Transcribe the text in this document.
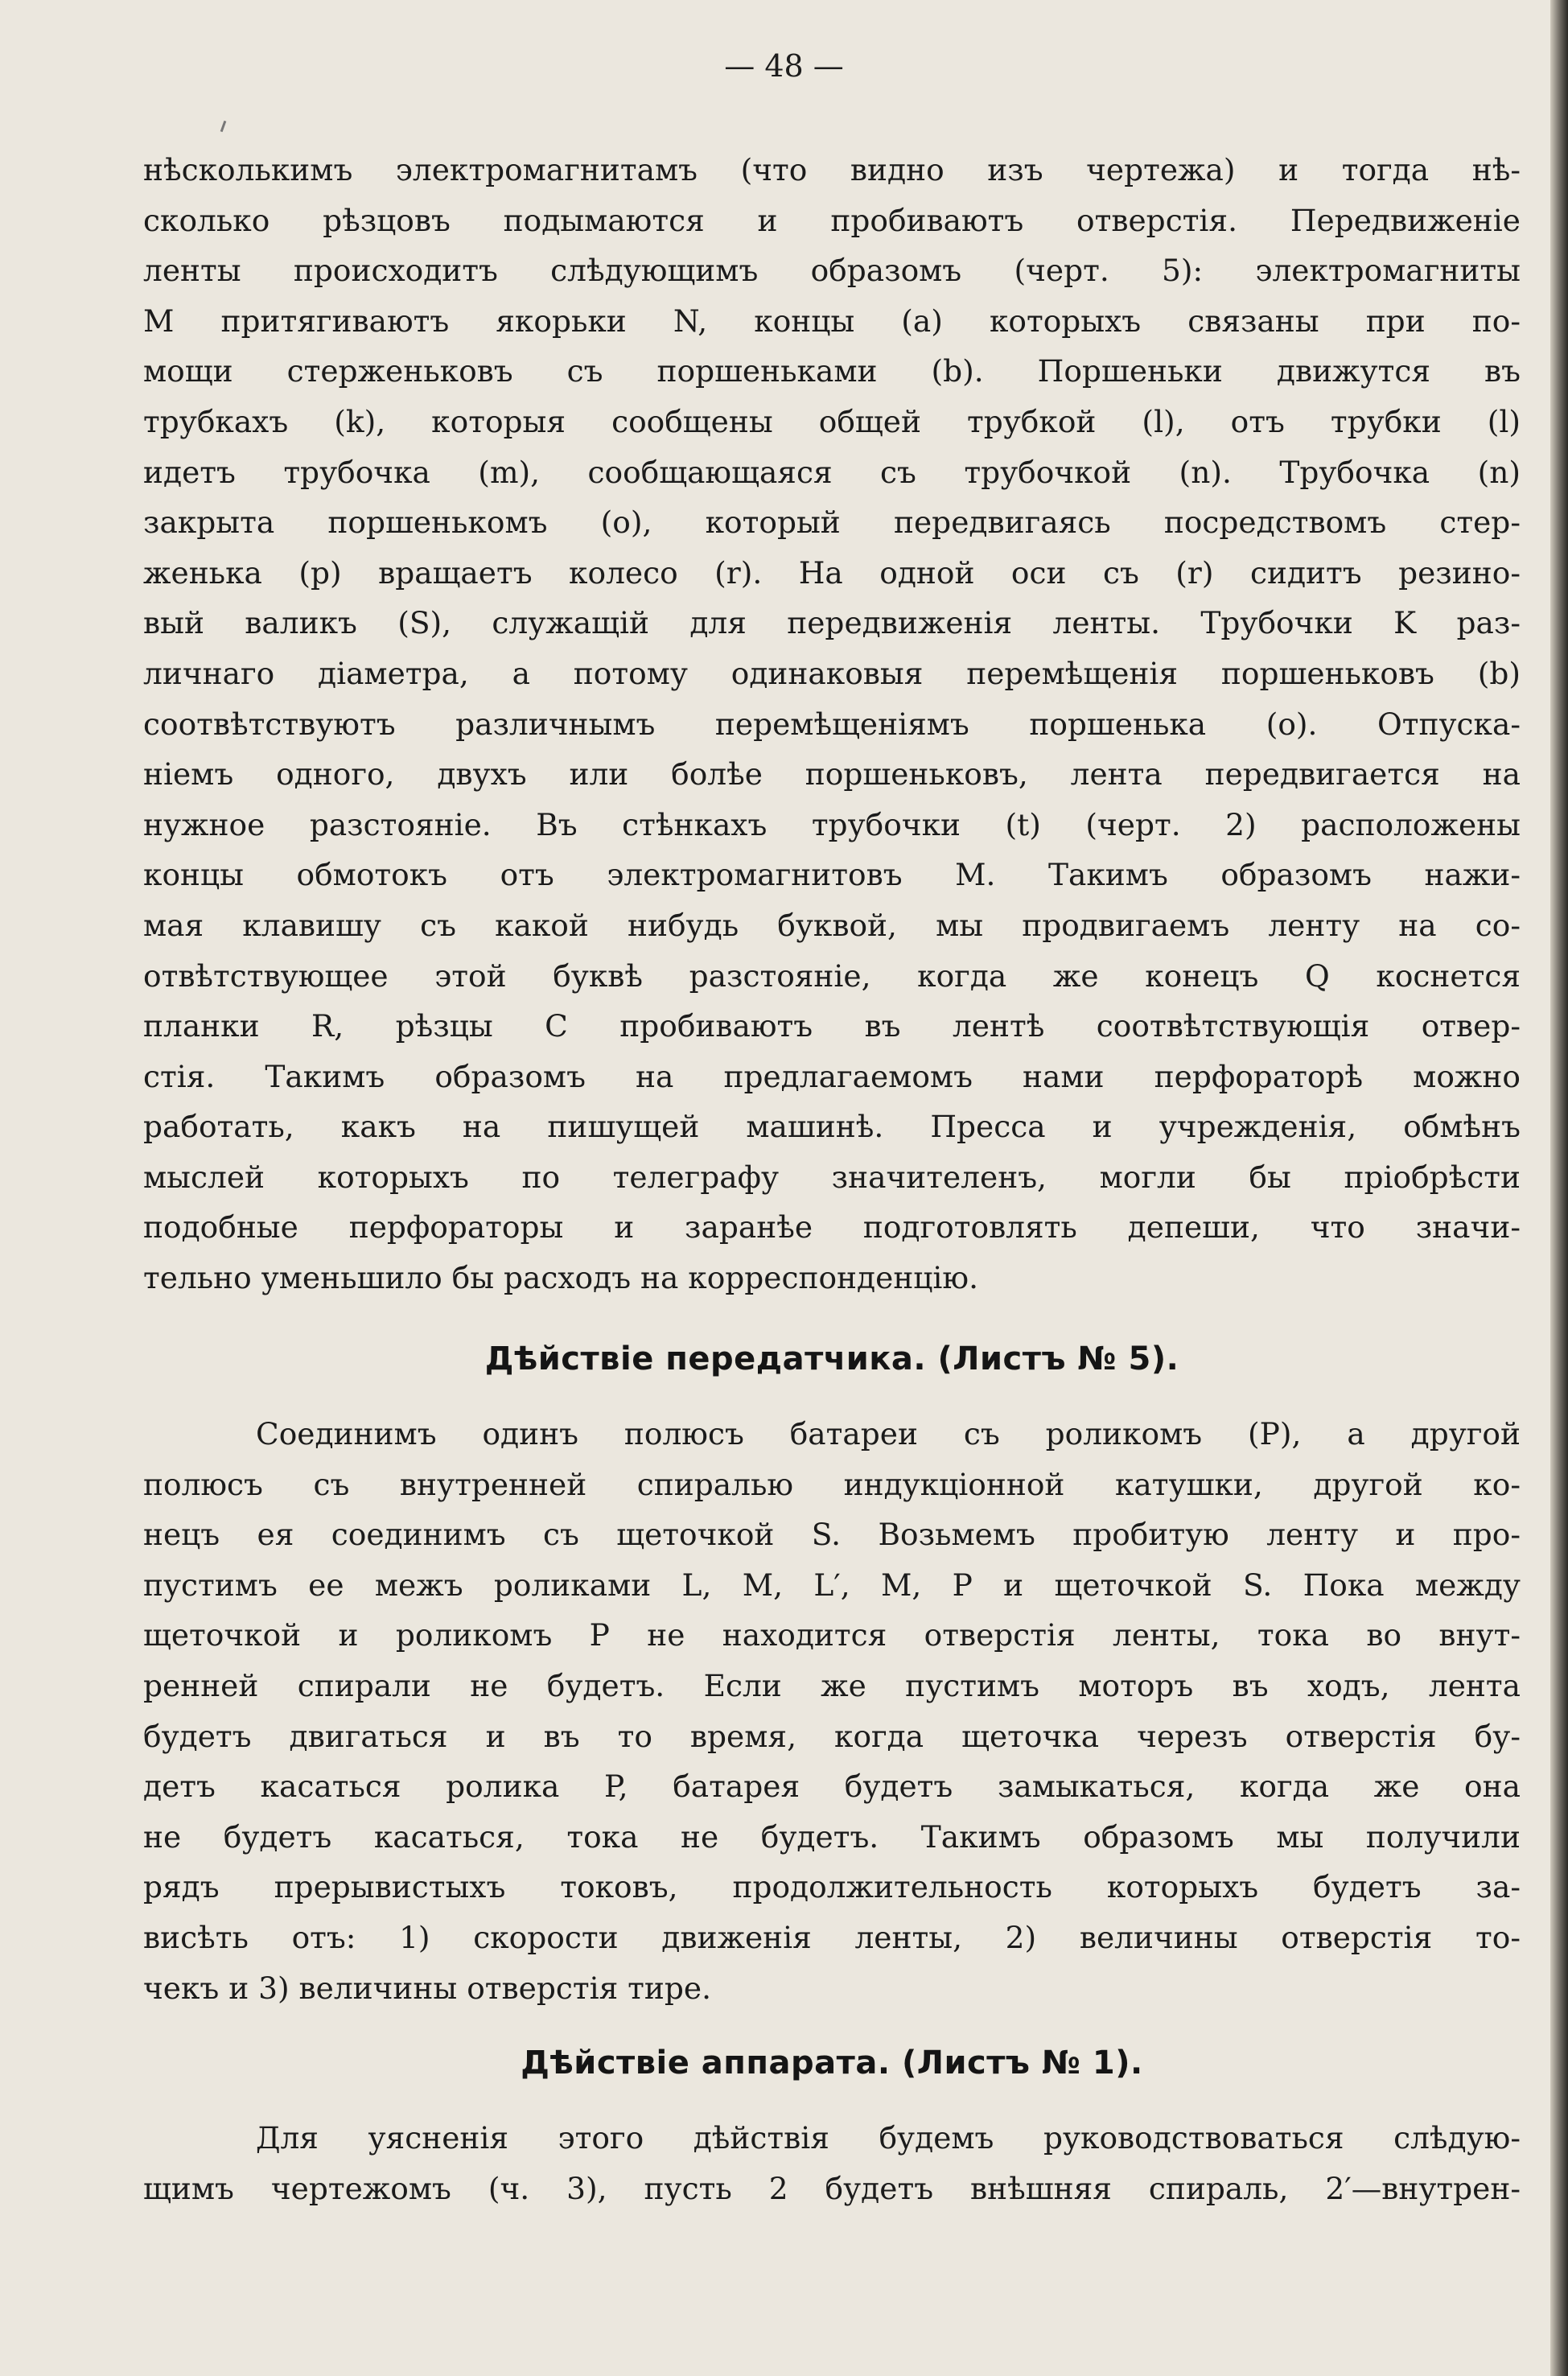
— 48 —
нѣсколькимъ электромагнитамъ (что видно изъ чертежа) и тогда нѣ-
сколько рѣзцовъ подымаются и пробиваютъ отверстія. Передвиженіе
ленты происходитъ слѣдующимъ образомъ (черт. 5): электромагниты
M притягиваютъ якорьки N, концы (a) которыхъ связаны при по-
мощи стерженьковъ съ поршеньками (b). Поршеньки движутся въ
трубкахъ (k), которыя сообщены общей трубкой (l), отъ трубки (l)
идетъ трубочка (m), сообщающаяся съ трубочкой (n). Трубочка (n)
закрыта поршенькомъ (o), который передвигаясь посредствомъ стер-
женька (p) вращаетъ колесо (r). На одной оси съ (r) сидитъ резино-
вый валикъ (S), служащій для передвиженія ленты. Трубочки K раз-
личнаго діаметра, а потому одинаковыя перемѣщенія поршеньковъ (b)
соотвѣтствуютъ различнымъ перемѣщеніямъ поршенька (o). Отпуска-
ніемъ одного, двухъ или болѣе поршеньковъ, лента передвигается на
нужное разстояніе. Въ стѣнкахъ трубочки (t) (черт. 2) расположены
концы обмотокъ отъ электромагнитовъ M. Такимъ образомъ нажи-
мая клавишу съ какой нибудь буквой, мы продвигаемъ ленту на со-
отвѣтствующее этой буквѣ разстояніе, когда же конецъ Q коснется
планки R, рѣзцы C пробиваютъ въ лентѣ соотвѣтствующія отвер-
стія. Такимъ образомъ на предлагаемомъ нами перфораторѣ можно
работать, какъ на пишущей машинѣ. Пресса и учрежденія, обмѣнъ
мыслей которыхъ по телеграфу значителенъ, могли бы пріобрѣсти
подобные перфораторы и заранѣе подготовлять депеши, что значи-
тельно уменьшило бы расходъ на корреспонденцію.
Дѣйствіе передатчика. (Листъ № 5).
Соединимъ одинъ полюсъ батареи съ роликомъ (P), а другой
полюсъ съ внутренней спиралью индукціонной катушки, другой ко-
нецъ ея соединимъ съ щеточкой S. Возьмемъ пробитую ленту и про-
пустимъ ее межъ роликами L, M, L′, M, P и щеточкой S. Пока между
щеточкой и роликомъ P не находится отверстія ленты, тока во внут-
ренней спирали не будетъ. Если же пустимъ моторъ въ ходъ, лента
будетъ двигаться и въ то время, когда щеточка черезъ отверстія бу-
детъ касаться ролика P, батарея будетъ замыкаться, когда же она
не будетъ касаться, тока не будетъ. Такимъ образомъ мы получили
рядъ прерывистыхъ токовъ, продолжительность которыхъ будетъ за-
висѣть отъ: 1) скорости движенія ленты, 2) величины отверстія то-
чекъ и 3) величины отверстія тире.
Дѣйствіе аппарата. (Листъ № 1).
Для уясненія этого дѣйствія будемъ руководствоваться слѣдую-
щимъ чертежомъ (ч. 3), пусть 2 будетъ внѣшняя спираль, 2′—внутрен-
